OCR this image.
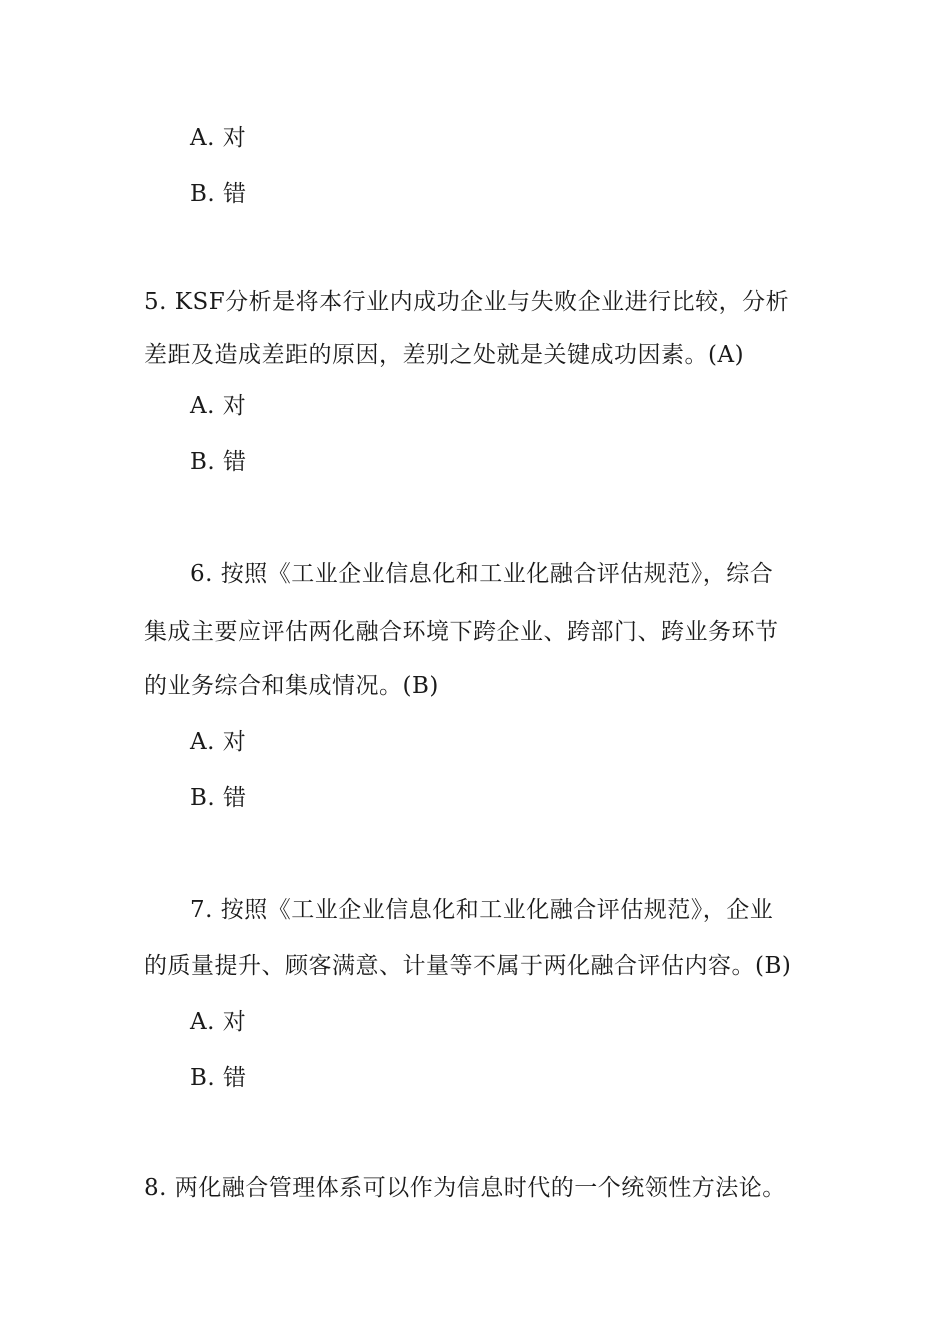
A. 对
B. 错
5. KSF分析是将本行业内成功企业与失败企业进行比较，分析
差距及造成差距的原因，差别之处就是关键成功因素。(A)
A. 对
B. 错
6. 按照《工业企业信息化和工业化融合评估规范》，综合
集成主要应评估两化融合环境下跨企业、跨部门、跨业务环节
的业务综合和集成情况。(B)
A. 对
B. 错
7. 按照《工业企业信息化和工业化融合评估规范》，企业
的质量提升、顾客满意、计量等不属于两化融合评估内容。(B)
A. 对
B. 错
8. 两化融合管理体系可以作为信息时代的一个统领性方法论。
